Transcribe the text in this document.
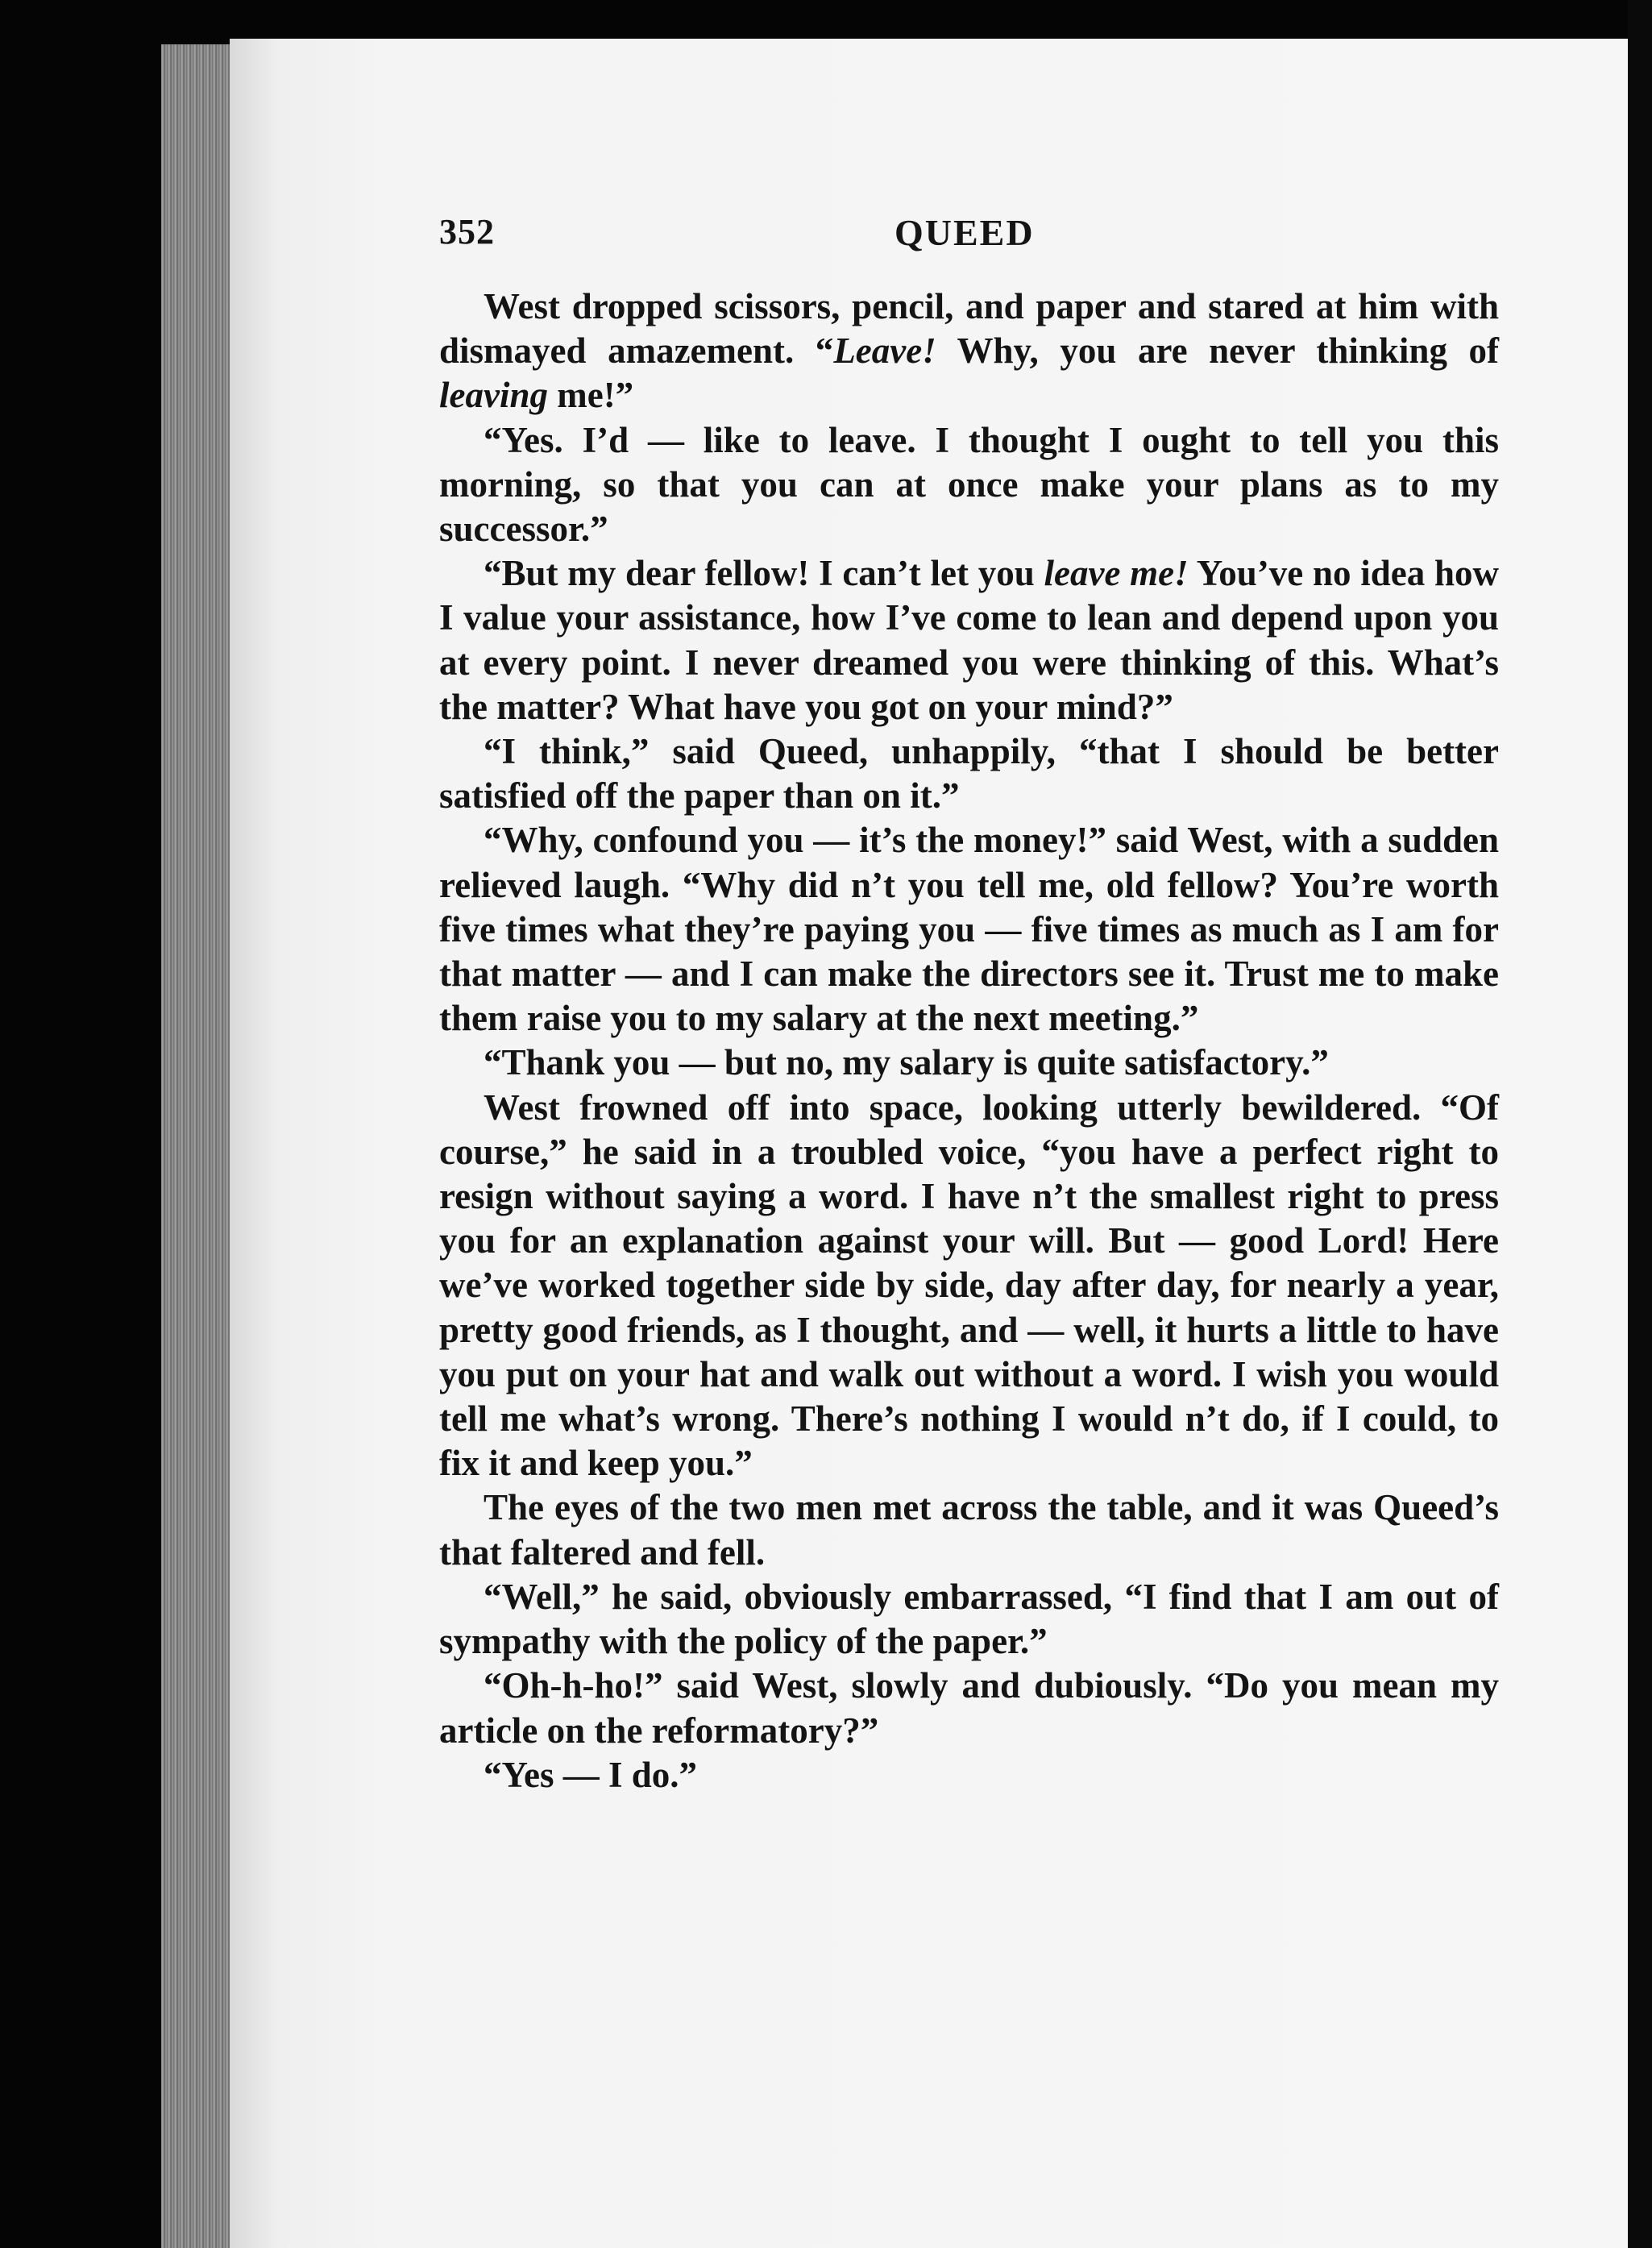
352	QUEED

West dropped scissors, pencil, and paper and stared at him with dismayed amazement. “Leave! Why, you are never thinking of leaving me!”

“Yes. I’d — like to leave. I thought I ought to tell you this morning, so that you can at once make your plans as to my successor.”

“But my dear fellow! I can’t let you leave me! You’ve no idea how I value your assistance, how I’ve come to lean and depend upon you at every point. I never dreamed you were thinking of this. What’s the matter? What have you got on your mind?”

“I think,” said Queed, unhappily, “that I should be better satisfied off the paper than on it.”

“Why, confound you — it’s the money!” said West, with a sudden relieved laugh. “Why did n’t you tell me, old fellow? You’re worth five times what they’re paying you — five times as much as I am for that matter — and I can make the directors see it. Trust me to make them raise you to my salary at the next meeting.”

“Thank you — but no, my salary is quite satisfactory.”

West frowned off into space, looking utterly bewildered. “Of course,” he said in a troubled voice, “you have a perfect right to resign without saying a word. I have n’t the smallest right to press you for an explanation against your will. But — good Lord! Here we’ve worked together side by side, day after day, for nearly a year, pretty good friends, as I thought, and — well, it hurts a little to have you put on your hat and walk out without a word. I wish you would tell me what’s wrong. There’s nothing I would n’t do, if I could, to fix it and keep you.”

The eyes of the two men met across the table, and it was Queed’s that faltered and fell.

“Well,” he said, obviously embarrassed, “I find that I am out of sympathy with the policy of the paper.”

“Oh-h-ho!” said West, slowly and dubiously. “Do you mean my article on the reformatory?”

“Yes — I do.”
